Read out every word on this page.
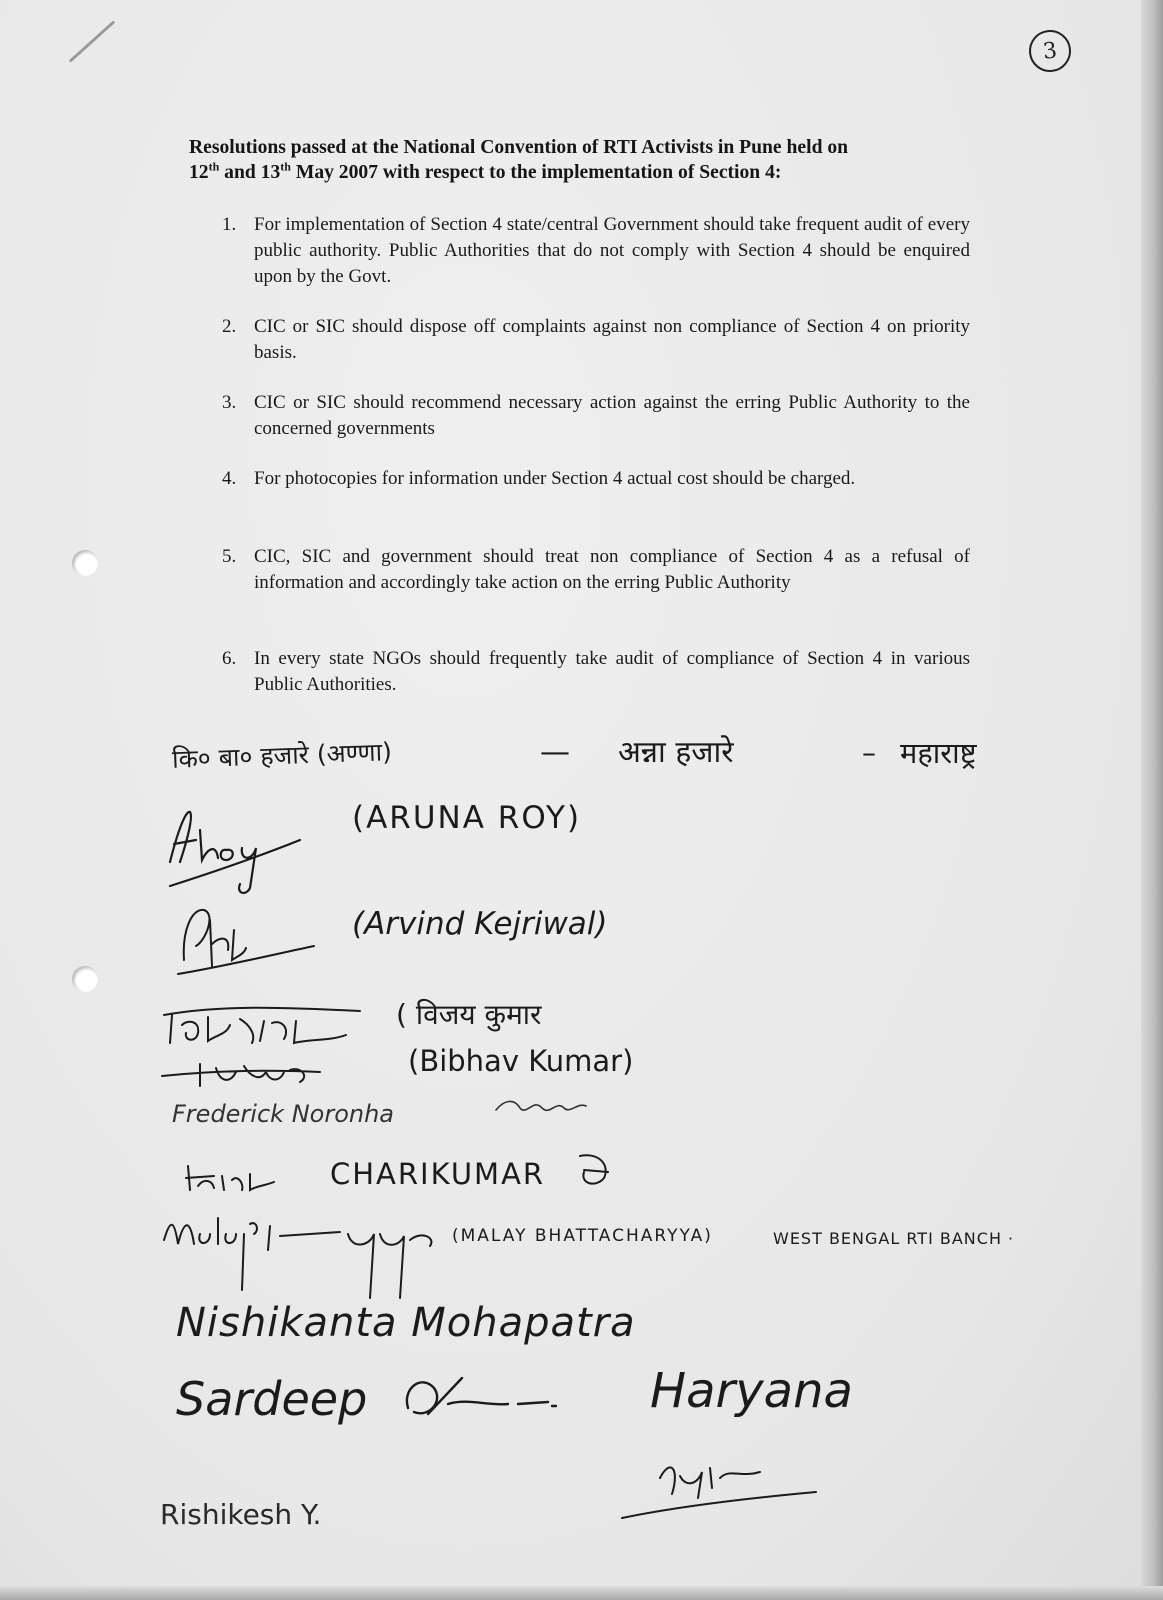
3
Resolutions passed at the National Convention of RTI Activists in Pune held on
12th and 13th May 2007 with respect to the implementation of Section 4:
1. For implementation of Section 4 state/central Government should take frequent audit of every public authority. Public Authorities that do not comply with Section 4 should be enquired upon by the Govt.
2. CIC or SIC should dispose off complaints against non compliance of Section 4 on priority basis.
3. CIC or SIC should recommend necessary action against the erring Public Authority to the concerned governments
4. For photocopies for information under Section 4 actual cost should be charged.
5. CIC, SIC and government should treat non compliance of Section 4 as a refusal of information and accordingly take action on the erring Public Authority
6. In every state NGOs should frequently take audit of compliance of Section 4 in various Public Authorities.
कि० बा० हजारे (अण्णा)	— अन्ना हजारे	– महाराष्ट्र
(ARUNA ROY)
(Arvind Kejriwal)
( विजय कुमार
(Bibhav Kumar)
Frederick Noronha
CHARIKUMAR
(MALAY BHATTACHARYYA)	WEST BENGAL RTI BANCH ·
Nishikanta Mohapatra
Sardeep	Haryana
Rishikesh Y.
